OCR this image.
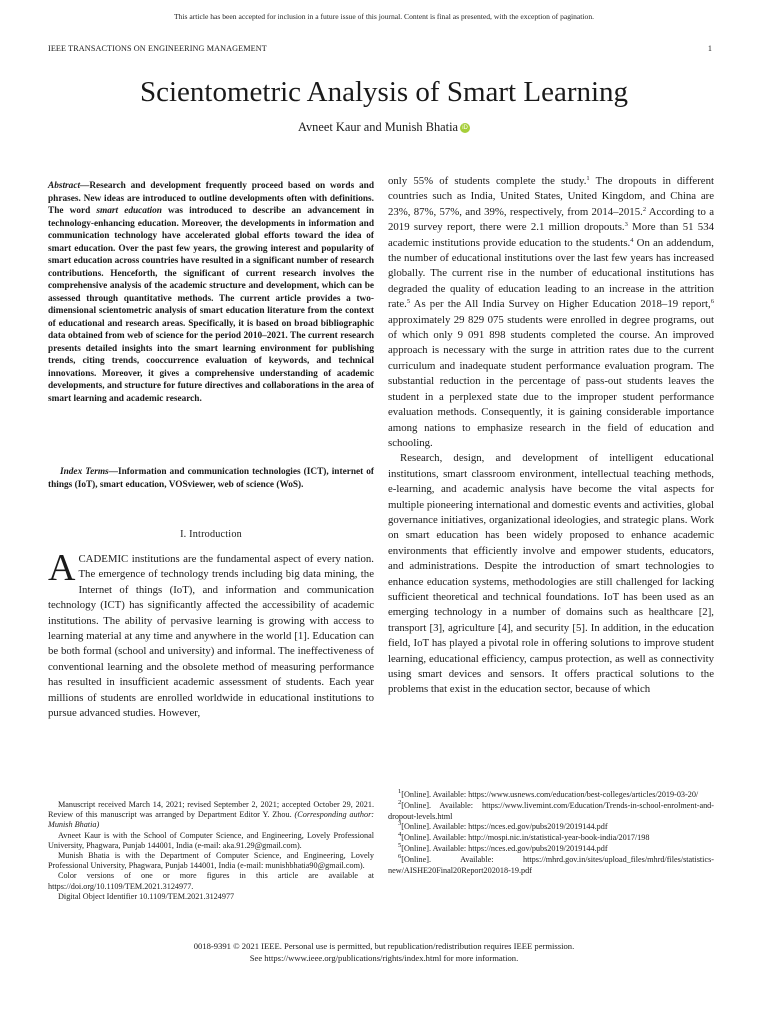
This article has been accepted for inclusion in a future issue of this journal. Content is final as presented, with the exception of pagination.
IEEE TRANSACTIONS ON ENGINEERING MANAGEMENT	1
Scientometric Analysis of Smart Learning
Avneet Kaur and Munish Bhatia iD

Abstract—Research and development frequently proceed based on words and phrases. New ideas are introduced to outline developments often with definitions. The word smart education was introduced to describe an advancement in technology-enhancing education. Moreover, the developments in information and communication technology have accelerated global efforts toward the idea of smart education. Over the past few years, the growing interest and popularity of smart education across countries have resulted in a significant number of research contributions. Henceforth, the significant of current research involves the comprehensive analysis of the academic structure and development, which can be assessed through quantitative methods. The current article provides a two-dimensional scientometric analysis of smart education literature from the context of educational and research areas. Specifically, it is based on broad bibliographic data obtained from web of science for the period 2010–2021. The current research presents detailed insights into the smart learning environment for publishing trends, citing trends, cooccurrence evaluation of keywords, and technical innovations. Moreover, it gives a comprehensive understanding of academic developments, and structure for future directives and collaborations in the area of smart learning and academic research.

Index Terms—Information and communication technologies (ICT), internet of things (IoT), smart education, VOSviewer, web of science (WoS).

I. Introduction

ACADEMIC institutions are the fundamental aspect of every nation. The emergence of technology trends including big data mining, the Internet of things (IoT), and information and communication technology (ICT) has significantly affected the accessibility of academic institutions. The ability of pervasive learning is growing with access to learning material at any time and anywhere in the world [1]. Education can be both formal (school and university) and informal. The ineffectiveness of conventional learning and the obsolete method of measuring performance has resulted in insufficient academic assessment of students. Each year millions of students are enrolled worldwide in educational institutions to pursue advanced studies. However,

Manuscript received March 14, 2021; revised September 2, 2021; accepted October 29, 2021. Review of this manuscript was arranged by Department Editor Y. Zhou. (Corresponding author: Munish Bhatia)

Avneet Kaur is with the School of Computer Science, and Engineering, Lovely Professional University, Phagwara, Punjab 144001, India (e-mail: aka.91.29@gmail.com).

Munish Bhatia is with the Department of Computer Science, and Engineering, Lovely Professional University, Phagwara, Punjab 144001, India (e-mail: munishbhatia90@gmail.com).

Color versions of one or more figures in this article are available at https://doi.org/10.1109/TEM.2021.3124977.

Digital Object Identifier 10.1109/TEM.2021.3124977

only 55% of students complete the study.$^1$ The dropouts in different countries such as India, United States, United Kingdom, and China are 23%, 87%, 57%, and 39%, respectively, from 2014–2015.$^2$ According to a 2019 survey report, there were 2.1 million dropouts.$^3$ More than 51 534 academic institutions provide education to the students.$^4$ On an addendum, the number of educational institutions over the last few years has increased globally. The current rise in the number of educational institutions has degraded the quality of education leading to an increase in the attrition rate.$^5$ As per the All India Survey on Higher Education 2018–19 report,$^6$ approximately 29 829 075 students were enrolled in degree programs, out of which only 9 091 898 students completed the course. An improved approach is necessary with the surge in attrition rates due to the current curriculum and inadequate student performance evaluation program. The substantial reduction in the percentage of pass-out students leaves the student in a perplexed state due to the improper student performance evaluation methods. Consequently, it is gaining considerable importance among nations to emphasize research in the field of education and schooling.

Research, design, and development of intelligent educational institutions, smart classroom environment, intellectual teaching methods, e-learning, and academic analysis have become the vital aspects for multiple pioneering international and domestic events and activities, global governance initiatives, organizational ideologies, and strategic plans. Work on smart education has been widely proposed to enhance academic environments that efficiently involve and empower students, educators, and administrations. Despite the introduction of smart technologies to enhance education systems, methodologies are still challenged for lacking sufficient theoretical and technical foundations. IoT has been used as an emerging technology in a number of domains such as healthcare [2], transport [3], agriculture [4], and security [5]. In addition, in the education field, IoT has played a pivotal role in offering solutions to improve student learning, educational efficiency, campus protection, as well as connectivity using smart devices and sensors. It offers practical solutions to the problems that exist in the education sector, because of which

$^1$[Online]. Available: https://www.usnews.com/education/best-colleges/articles/2019-03-20/

$^2$[Online]. Available: https://www.livemint.com/Education/Trends-in-school-enrolment-and-dropout-levels.html

$^3$[Online]. Available: https://nces.ed.gov/pubs2019/2019144.pdf

$^4$[Online]. Available: http://mospi.nic.in/statistical-year-book-india/2017/198

$^5$[Online]. Available: https://nces.ed.gov/pubs2019/2019144.pdf

$^6$[Online]. Available: https://mhrd.gov.in/sites/upload_files/mhrd/files/statistics-new/AISHE20Final20Report202018-19.pdf

0018-9391 © 2021 IEEE. Personal use is permitted, but republication/redistribution requires IEEE permission.

See https://www.ieee.org/publications/rights/index.html for more information.
